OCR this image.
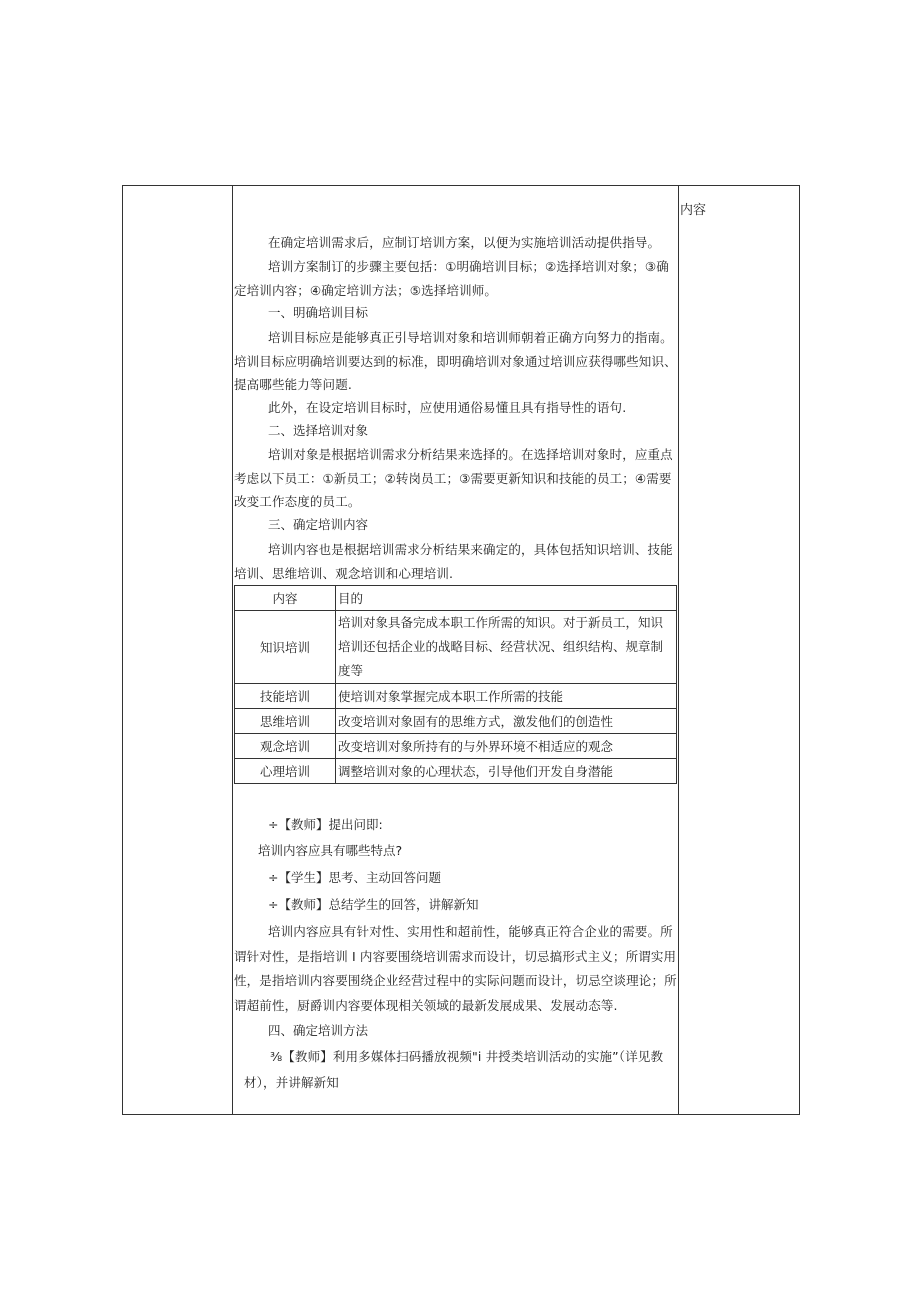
内容
在确定培训需求后，应制订培训方案，以便为实施培训活动提供指导。
培训方案制订的步骤主要包括：①明确培训目标；②选择培训对象；③确定培训内容；④确定培训方法；⑤选择培训师。
一、明确培训目标
培训目标应是能够真正引导培训对象和培训师朝着正确方向努力的指南。培训目标应明确培训要达到的标准，即明确培训对象通过培训应获得哪些知识、提高哪些能力等问题.
此外，在设定培训目标时，应使用通俗易懂且具有指导性的语句.
二、选择培训对象
培训对象是根据培训需求分析结果来选择的。在选择培训对象时，应重点考虑以下员工：①新员工；②转岗员工；③需要更新知识和技能的员工；④需要改变工作态度的员工。
三、确定培训内容
培训内容也是根据培训需求分析结果来确定的，具体包括知识培训、技能培训、思维培训、观念培训和心理培训.
内容	目的
知识培训	培训对象具备完成本职工作所需的知识。对于新员工，知识培训还包括企业的战略目标、经营状况、组织结构、规章制度等
技能培训	使培训对象掌握完成本职工作所需的技能
思维培训	改变培训对象固有的思维方式，激发他们的创造性
观念培训	改变培训对象所持有的与外界环境不相适应的观念
心理培训	调整培训对象的心理状态，引导他们开发自身潜能
÷【教师】提出问即:
培训内容应具有哪些特点?
÷【学生】思考、主动回答问题
÷【教师】总结学生的回答，讲解新知
培训内容应具有针对性、实用性和超前性，能够真正符合企业的需要。所谓针对性，是指培训 I 内容要围绕培训需求而设计，切忌搞形式主义；所谓实用性，是指培训内容要围绕企业经营过程中的实际问题而设计，切忌空谈理论；所谓超前性，厨爵训内容要体现相关领域的最新发展成果、发展动态等.
四、确定培训方法
⅜【教师】利用多媒体扫码播放视频"i 井授类培训活动的实施”（详见教材），并讲解新知
